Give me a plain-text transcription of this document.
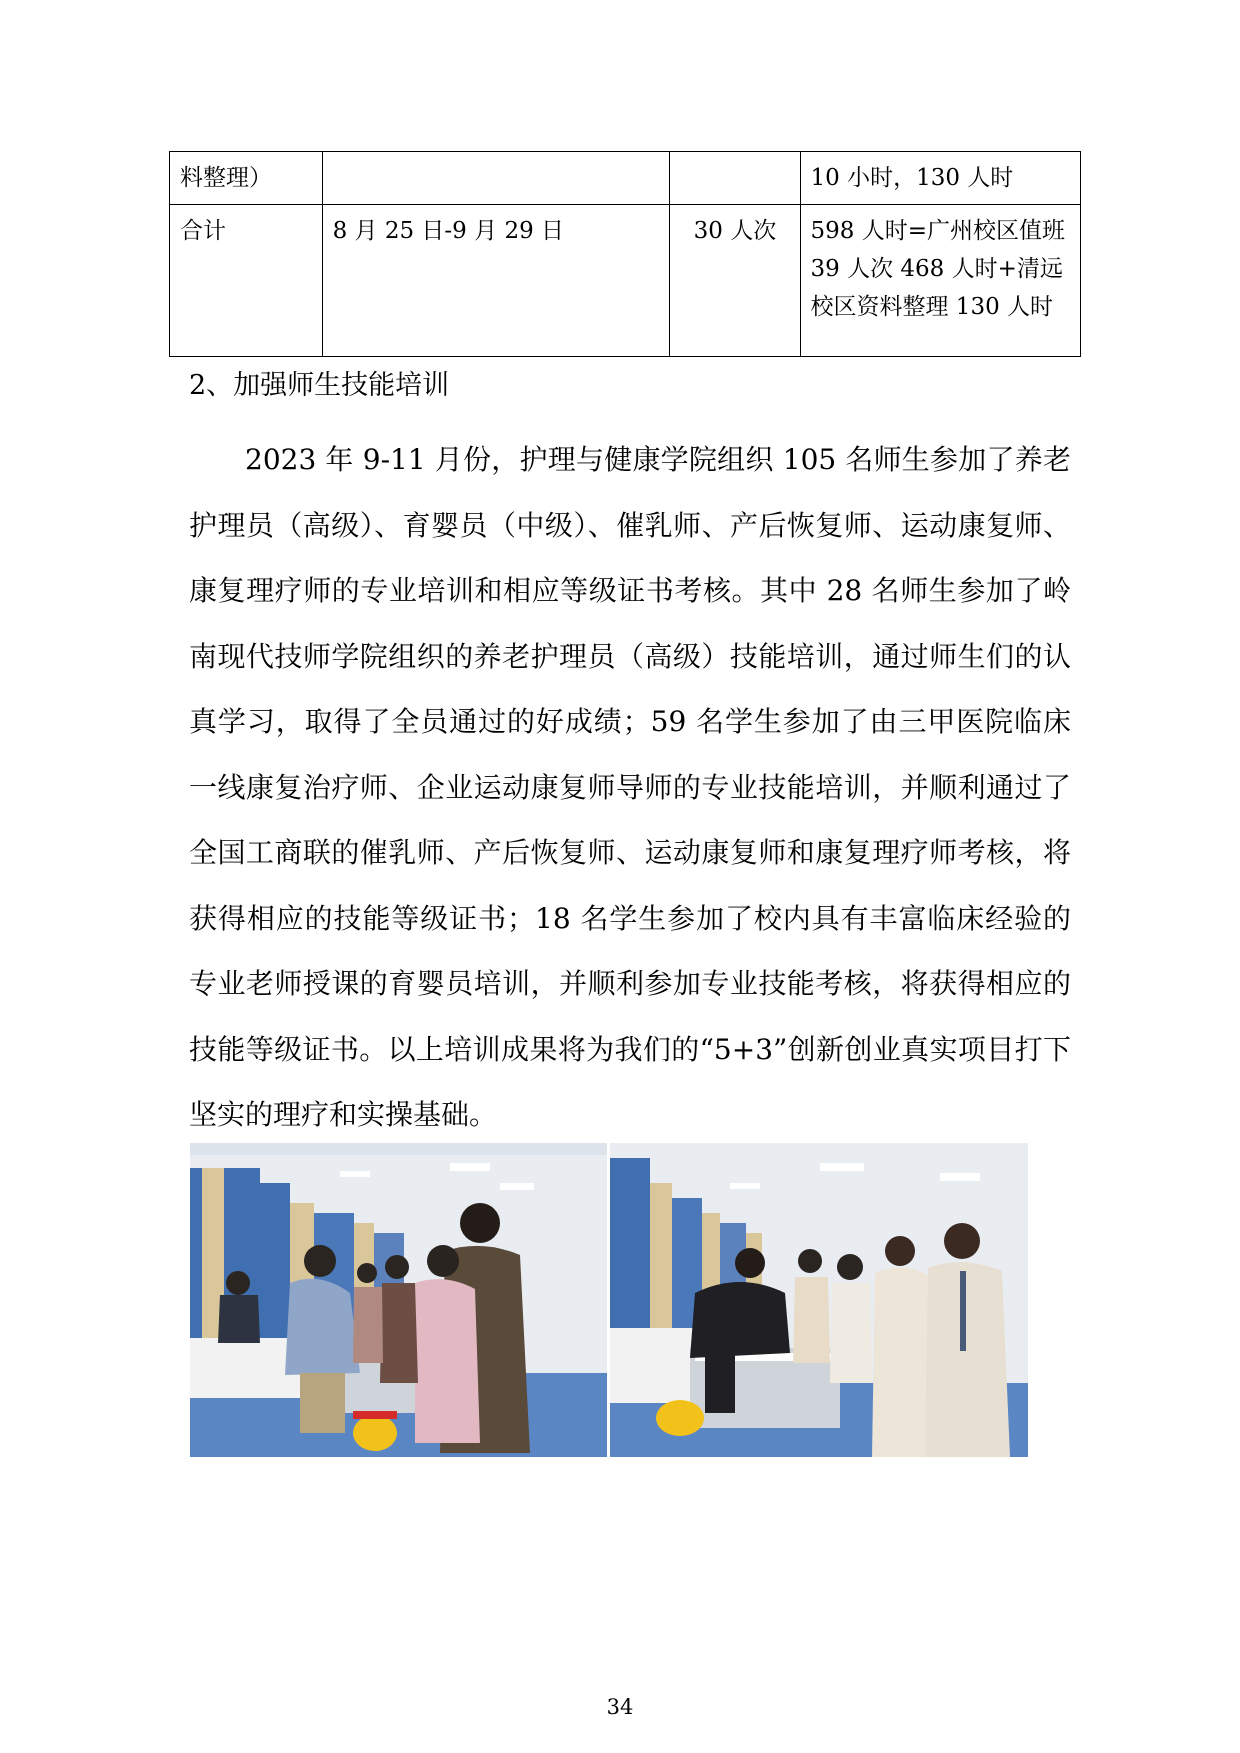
料整理）			10 小时，130 人时
合计	8 月 25 日-9 月 29 日	30 人次	598 人时=广州校区值班 39 人次 468 人时+清远校区资料整理 130 人时
2、加强师生技能培训

2023 年 9-11 月份，护理与健康学院组织 105 名师生参加了养老护理员（高级）、育婴员（中级）、催乳师、产后恢复师、运动康复师、康复理疗师的专业培训和相应等级证书考核。其中 28 名师生参加了岭南现代技师学院组织的养老护理员（高级）技能培训，通过师生们的认真学习，取得了全员通过的好成绩；59 名学生参加了由三甲医院临床一线康复治疗师、企业运动康复师导师的专业技能培训，并顺利通过了全国工商联的催乳师、产后恢复师、运动康复师和康复理疗师考核，将获得相应的技能等级证书；18 名学生参加了校内具有丰富临床经验的专业老师授课的育婴员培训，并顺利参加专业技能考核，将获得相应的技能等级证书。以上培训成果将为我们的“5+3”创新创业真实项目打下坚实的理疗和实操基础。

34
